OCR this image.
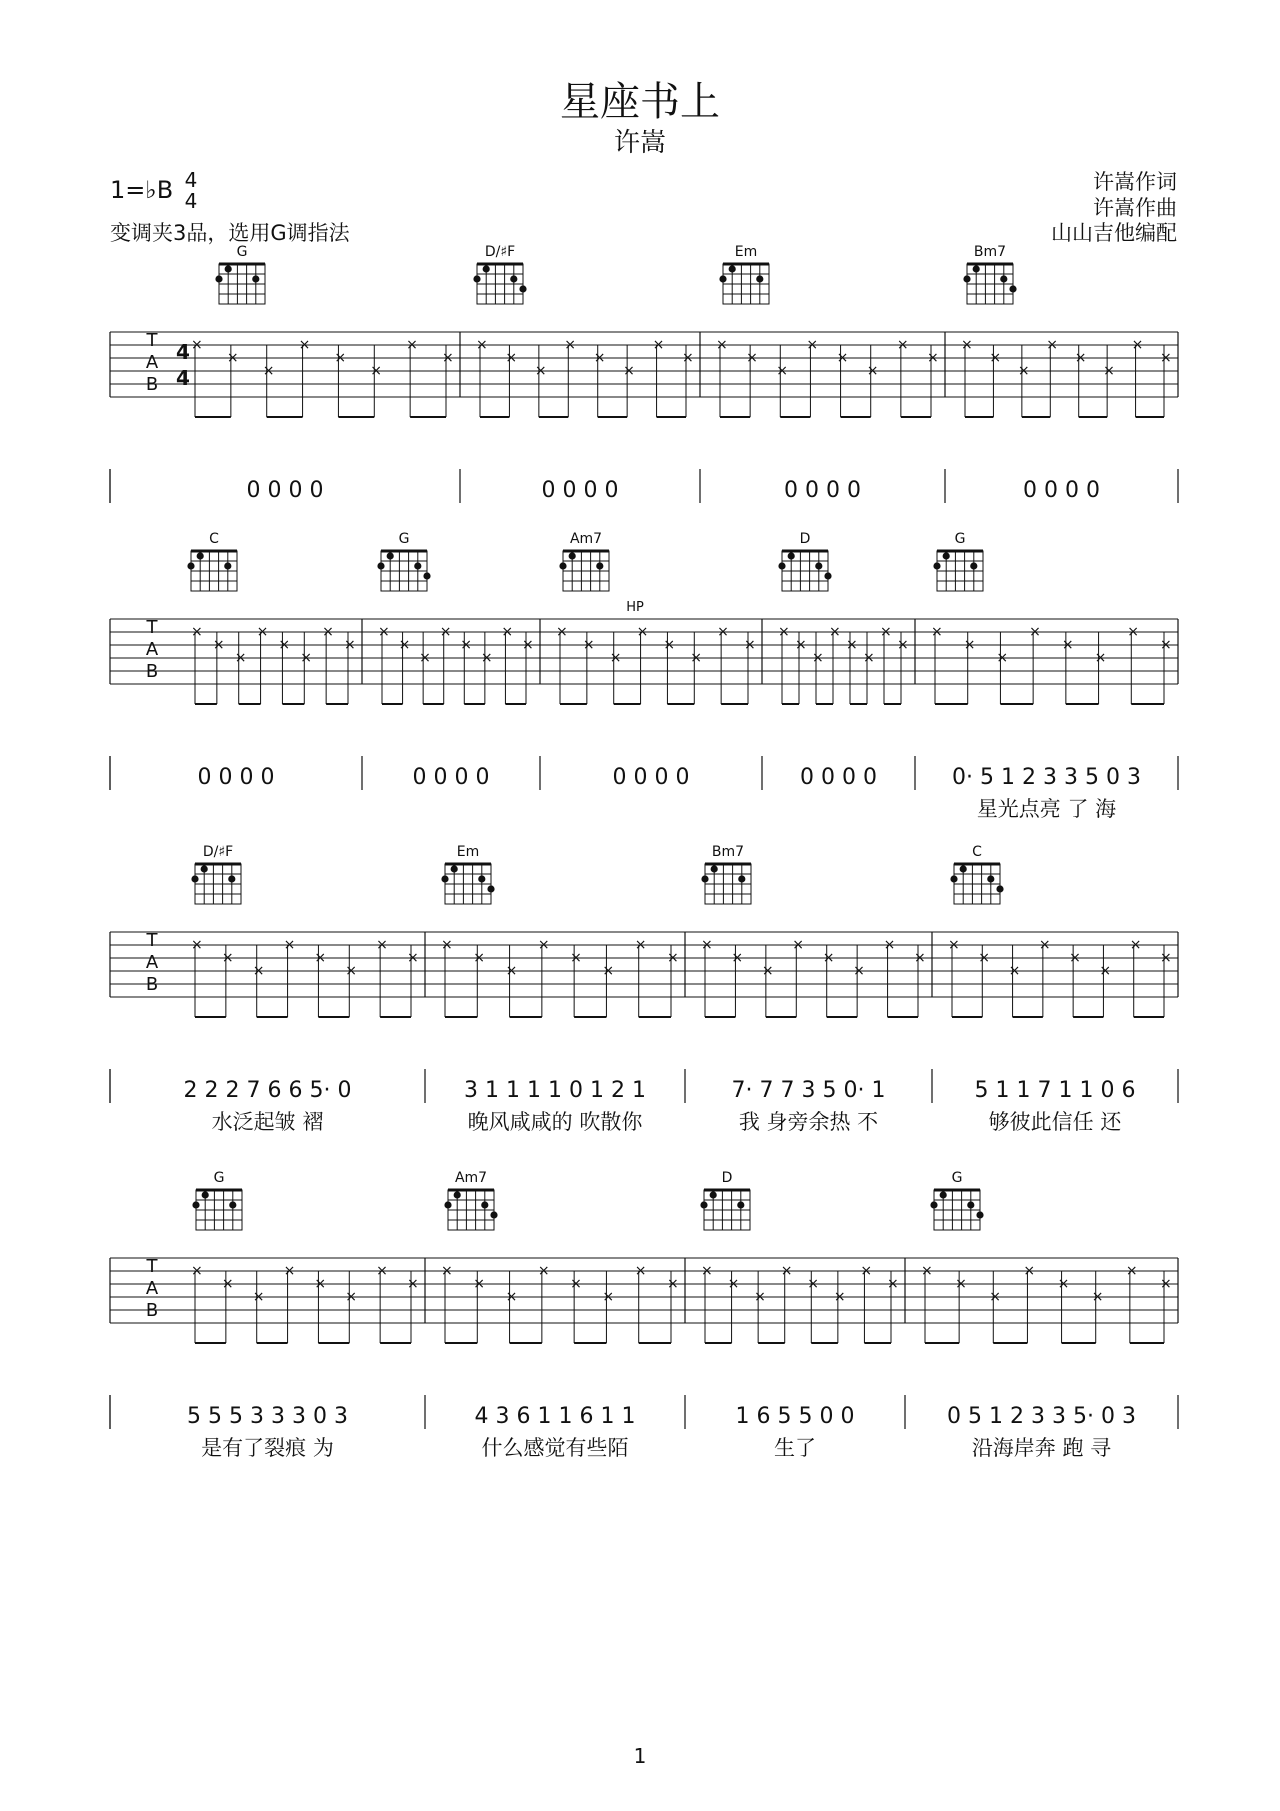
星座书上
许嵩
1=♭B 4
4
变调夹3品，选用G调指法
许嵩作词
许嵩作曲
山山吉他编配
G	D/♯F	Em	Bm7
T
A
B
4
4
×
×
×
×
×
×
×
×
×
×
×
×
×
×
×
×
×
×
×
×
×
×
×
×
×
×
×
×
×
×
×
×
0 0 0 0	0 0 0 0	0 0 0 0	0 0 0 0
C	G	Am7	D	G
T
A
B
HP
×
×
×
×
×
×
×
×
×
×
×
×
×
×
×
×
×
×
×
×
×
×
×
×
×
×
×
×
×
×
×
×
×
×
×
×
×
×
×
×
0 0 0 0	0 0 0 0	0 0 0 0	0 0 0 0	0· 5 1 2 3 3 5 0 3
星光点亮 了 海
D/♯F	Em	Bm7	C
T
A
B
×
×
×
×
×
×
×
×
×
×
×
×
×
×
×
×
×
×
×
×
×
×
×
×
×
×
×
×
×
×
×
×
2 2 2 7 6 6 5· 0
水泛起皱 褶
3 1 1 1 1 0 1 2 1
晚风咸咸的 吹散你
7· 7 7 3 5 0· 1
我 身旁余热 不
5 1 1 7 1 1 0 6
够彼此信任 还
G	Am7	D	G
T
A
B
×
×
×
×
×
×
×
×
×
×
×
×
×
×
×
×
×
×
×
×
×
×
×
×
×
×
×
×
×
×
×
×
5 5 5 3 3 3 0 3
是有了裂痕 为
4 3 6 1 1 6 1 1
什么感觉有些陌
1 6 5 5 0 0
生了
0 5 1 2 3 3 5· 0 3
沿海岸奔 跑 寻
1
